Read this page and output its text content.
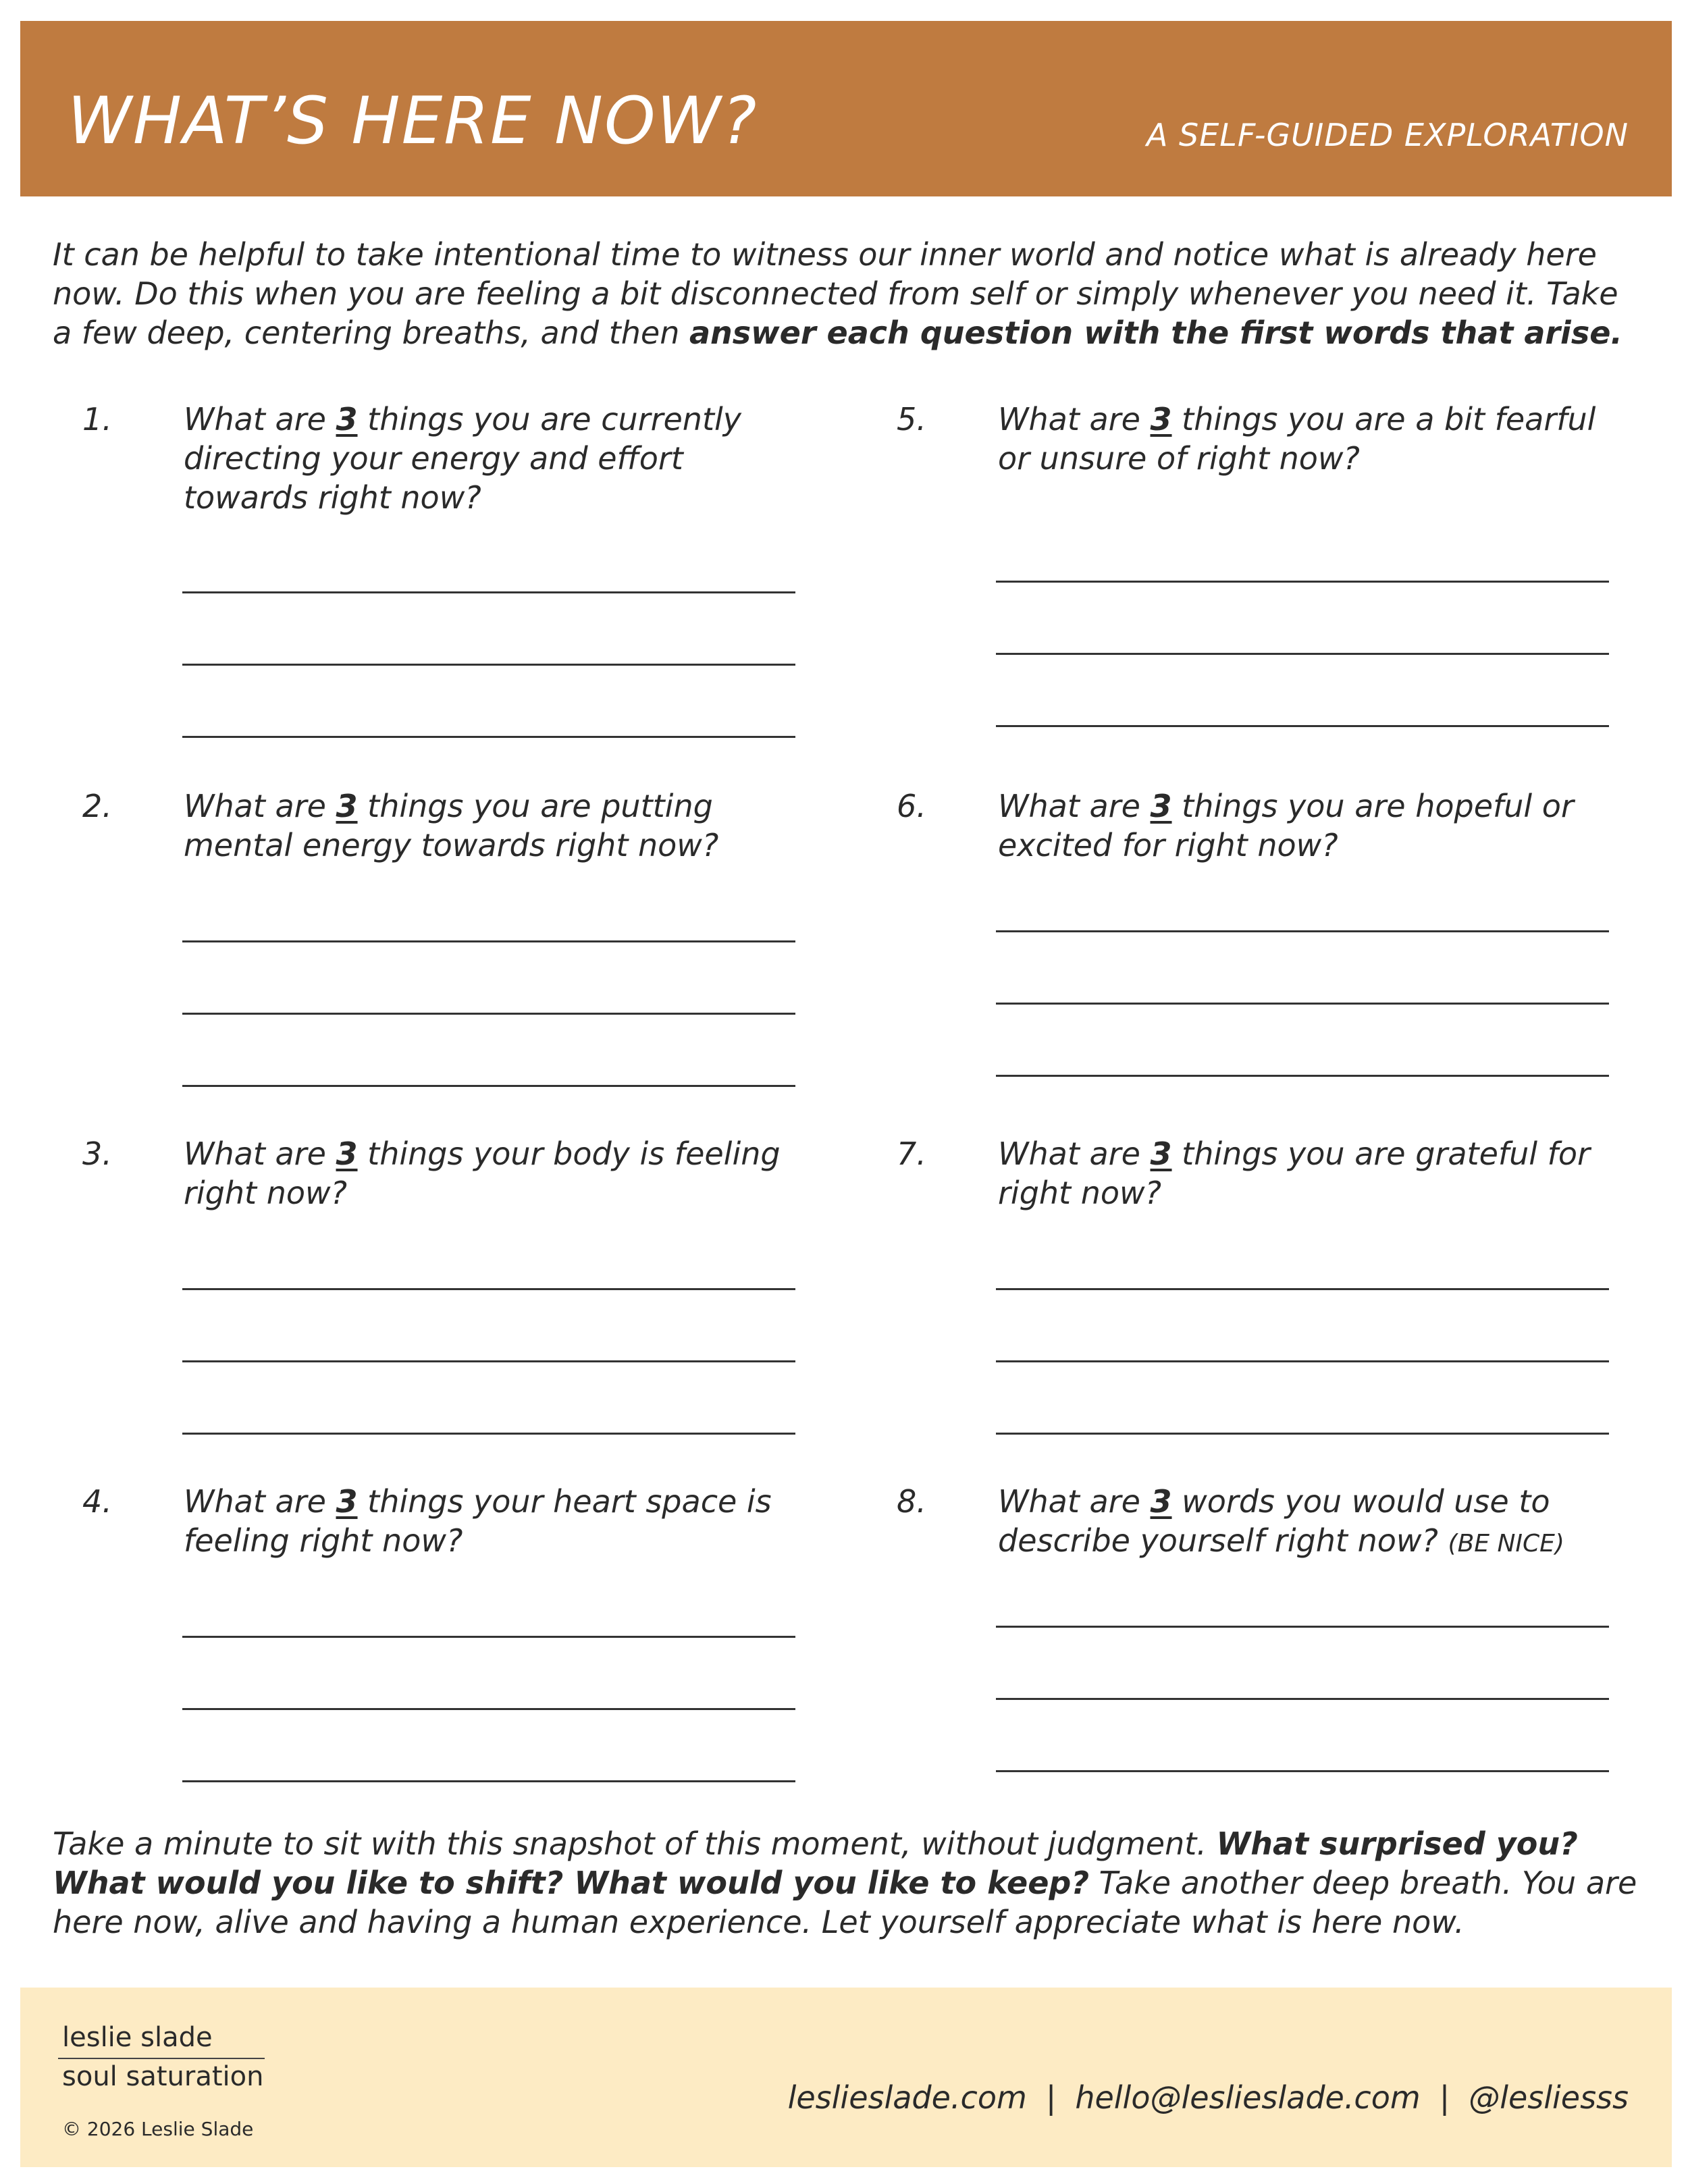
WHAT’S HERE NOW?	A SELF-GUIDED EXPLORATION

It can be helpful to take intentional time to witness our inner world and notice what is already here now. Do this when you are feeling a bit disconnected from self or simply whenever you need it. Take a few deep, centering breaths, and then answer each question with the first words that arise.

1. What are 3 things you are currently directing your energy and effort towards right now?
2. What are 3 things you are putting mental energy towards right now?
3. What are 3 things your body is feeling right now?
4. What are 3 things your heart space is feeling right now?
5. What are 3 things you are a bit fearful or unsure of right now?
6. What are 3 things you are hopeful or excited for right now?
7. What are 3 things you are grateful for right now?
8. What are 3 words you would use to describe yourself right now? (BE NICE)

Take a minute to sit with this snapshot of this moment, without judgment. What surprised you? What would you like to shift? What would you like to keep? Take another deep breath. You are here now, alive and having a human experience. Let yourself appreciate what is here now.

leslie slade
soul saturation
© 2026 Leslie Slade
leslieslade.com | hello@leslieslade.com | @lesliesss
